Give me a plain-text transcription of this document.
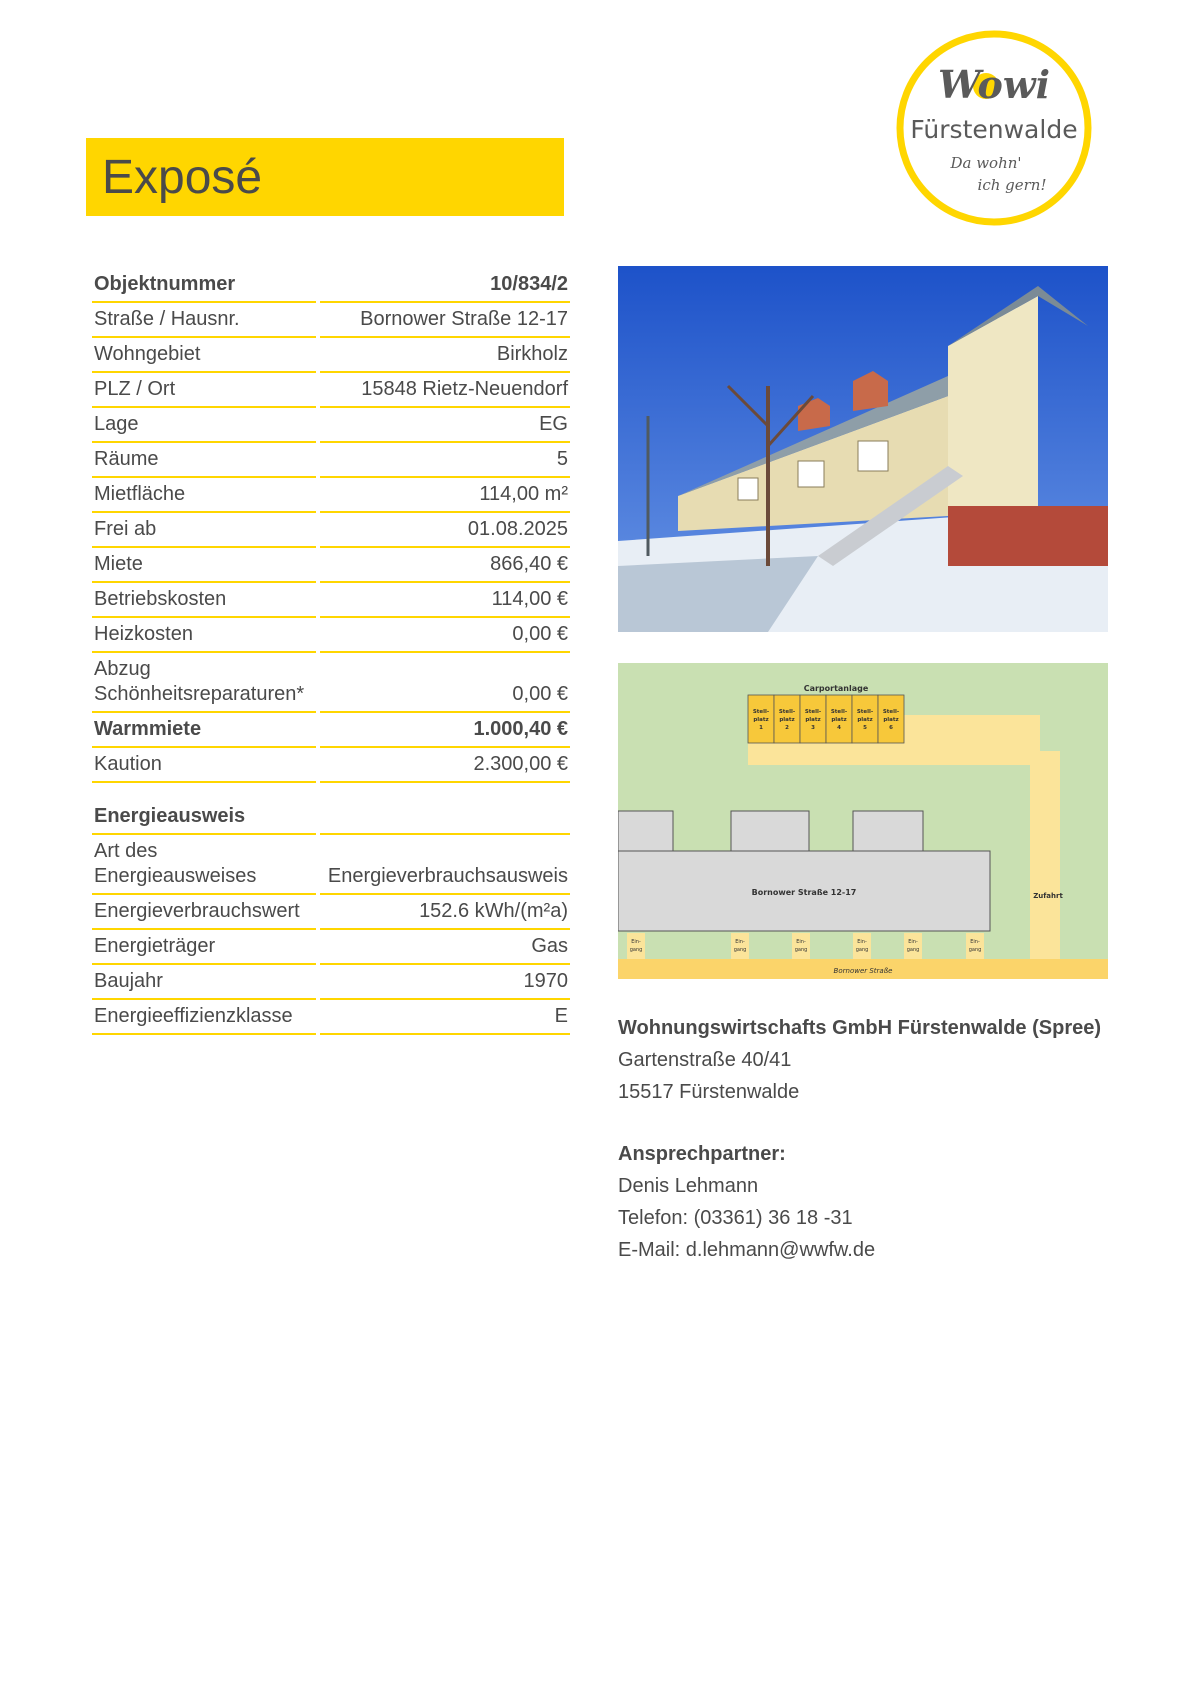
Exposé
Wowi
Fürstenwalde
Da wohn'
ich gern!
Objektnummer	10/834/2
Straße / Hausnr.	Bornower Straße 12-17
Wohngebiet	Birkholz
PLZ / Ort	15848 Rietz-Neuendorf
Lage	EG
Räume	5
Mietfläche	114,00 m²
Frei ab	01.08.2025
Miete	866,40 €
Betriebskosten	114,00 €
Heizkosten	0,00 €
Abzug Schönheitsreparaturen*	0,00 €
Warmmiete	1.000,40 €
Kaution	2.300,00 €
Energieausweis	
Art des Energieausweises	Energieverbrauchsausweis
Energieverbrauchswert	152.6 kWh/(m²a)
Energieträger	Gas
Baujahr	1970
Energieeffizienzklasse	E
Carportanlage
Stell-
platz
1
Stell-
platz
2
Stell-
platz
3
Stell-
platz
4
Stell-
platz
5
Stell-
platz
6
Bornower Straße 12-17	Zufahrt
Ein-
gang
Ein-
gang
Ein-
gang
Ein-
gang
Ein-
gang
Ein-
gang
Bornower Straße
Wohnungswirtschafts GmbH Fürstenwalde (Spree)
Gartenstraße 40/41
15517 Fürstenwalde
Ansprechpartner:
Denis Lehmann
Telefon: (03361) 36 18 -31
E-Mail: d.lehmann@wwfw.de
